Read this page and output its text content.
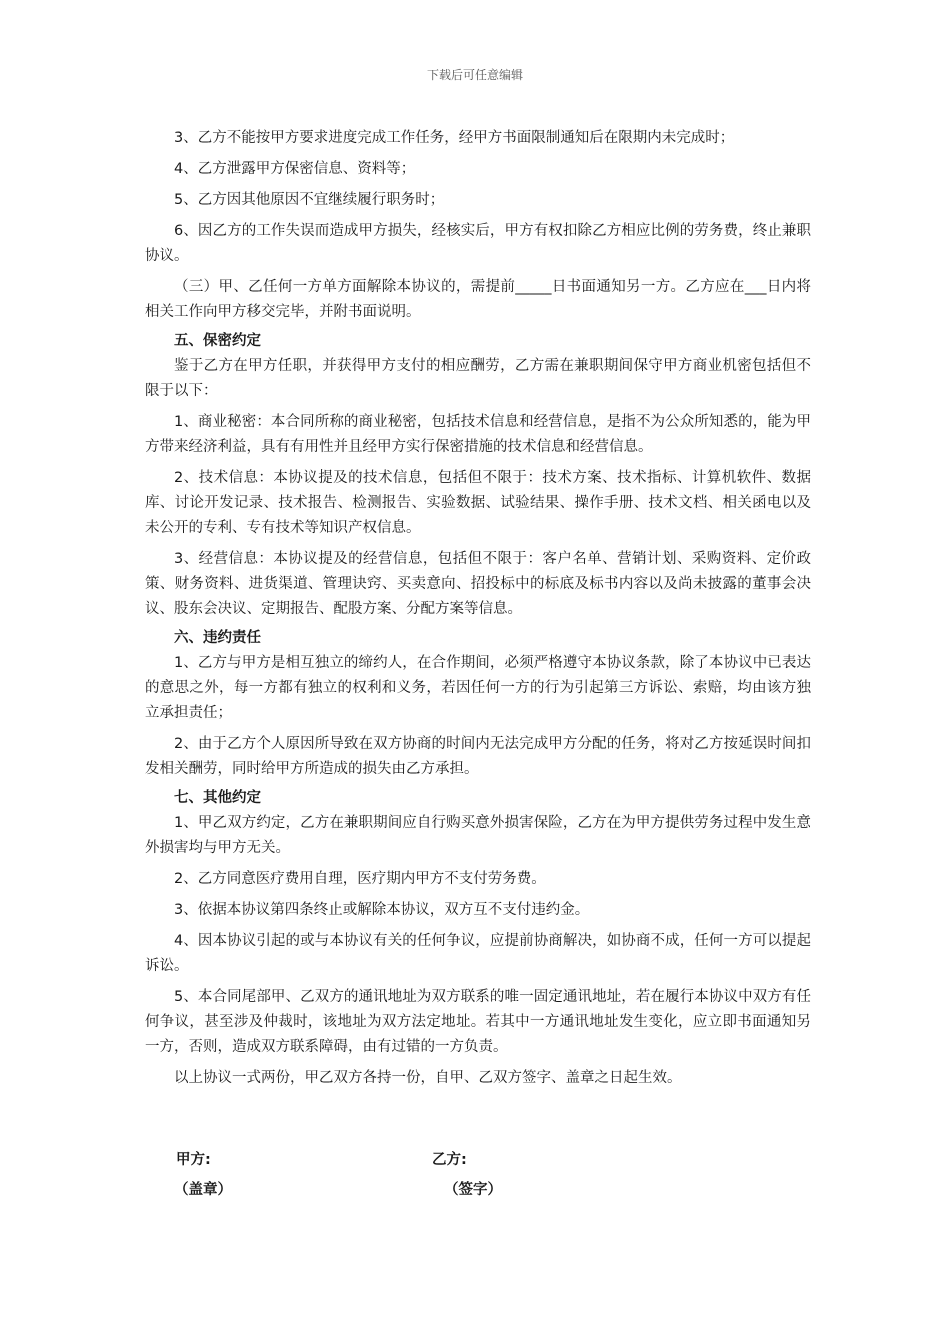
下载后可任意编辑

3、乙方不能按甲方要求进度完成工作任务，经甲方书面限制通知后在限期内未完成时；

4、乙方泄露甲方保密信息、资料等；

5、乙方因其他原因不宜继续履行职务时；

6、因乙方的工作失误而造成甲方损失，经核实后，甲方有权扣除乙方相应比例的劳务费，终止兼职协议。

（三）甲、乙任何一方单方面解除本协议的，需提前_____日书面通知另一方。乙方应在___日内将相关工作向甲方移交完毕，并附书面说明。

五、保密约定

鉴于乙方在甲方任职，并获得甲方支付的相应酬劳，乙方需在兼职期间保守甲方商业机密包括但不限于以下：

1、商业秘密：本合同所称的商业秘密，包括技术信息和经营信息，是指不为公众所知悉的，能为甲方带来经济利益，具有有用性并且经甲方实行保密措施的技术信息和经营信息。

2、技术信息：本协议提及的技术信息，包括但不限于：技术方案、技术指标、计算机软件、数据库、讨论开发记录、技术报告、检测报告、实验数据、试验结果、操作手册、技术文档、相关函电以及未公开的专利、专有技术等知识产权信息。

3、经营信息：本协议提及的经营信息，包括但不限于：客户名单、营销计划、采购资料、定价政策、财务资料、进货渠道、管理诀窍、买卖意向、招投标中的标底及标书内容以及尚未披露的董事会决议、股东会决议、定期报告、配股方案、分配方案等信息。

六、违约责任

1、乙方与甲方是相互独立的缔约人，在合作期间，必须严格遵守本协议条款，除了本协议中已表达的意思之外，每一方都有独立的权利和义务，若因任何一方的行为引起第三方诉讼、索赔，均由该方独立承担责任；

2、由于乙方个人原因所导致在双方协商的时间内无法完成甲方分配的任务，将对乙方按延误时间扣发相关酬劳，同时给甲方所造成的损失由乙方承担。

七、其他约定

1、甲乙双方约定，乙方在兼职期间应自行购买意外损害保险，乙方在为甲方提供劳务过程中发生意外损害均与甲方无关。

2、乙方同意医疗费用自理，医疗期内甲方不支付劳务费。

3、依据本协议第四条终止或解除本协议，双方互不支付违约金。

4、因本协议引起的或与本协议有关的任何争议，应提前协商解决，如协商不成，任何一方可以提起诉讼。

5、本合同尾部甲、乙双方的通讯地址为双方联系的唯一固定通讯地址，若在履行本协议中双方有任何争议，甚至涉及仲裁时，该地址为双方法定地址。若其中一方通讯地址发生变化，应立即书面通知另一方，否则，造成双方联系障碍，由有过错的一方负责。

以上协议一式两份，甲乙双方各持一份，自甲、乙双方签字、盖章之日起生效。

甲方:
（盖章）
乙方:
（签字）
